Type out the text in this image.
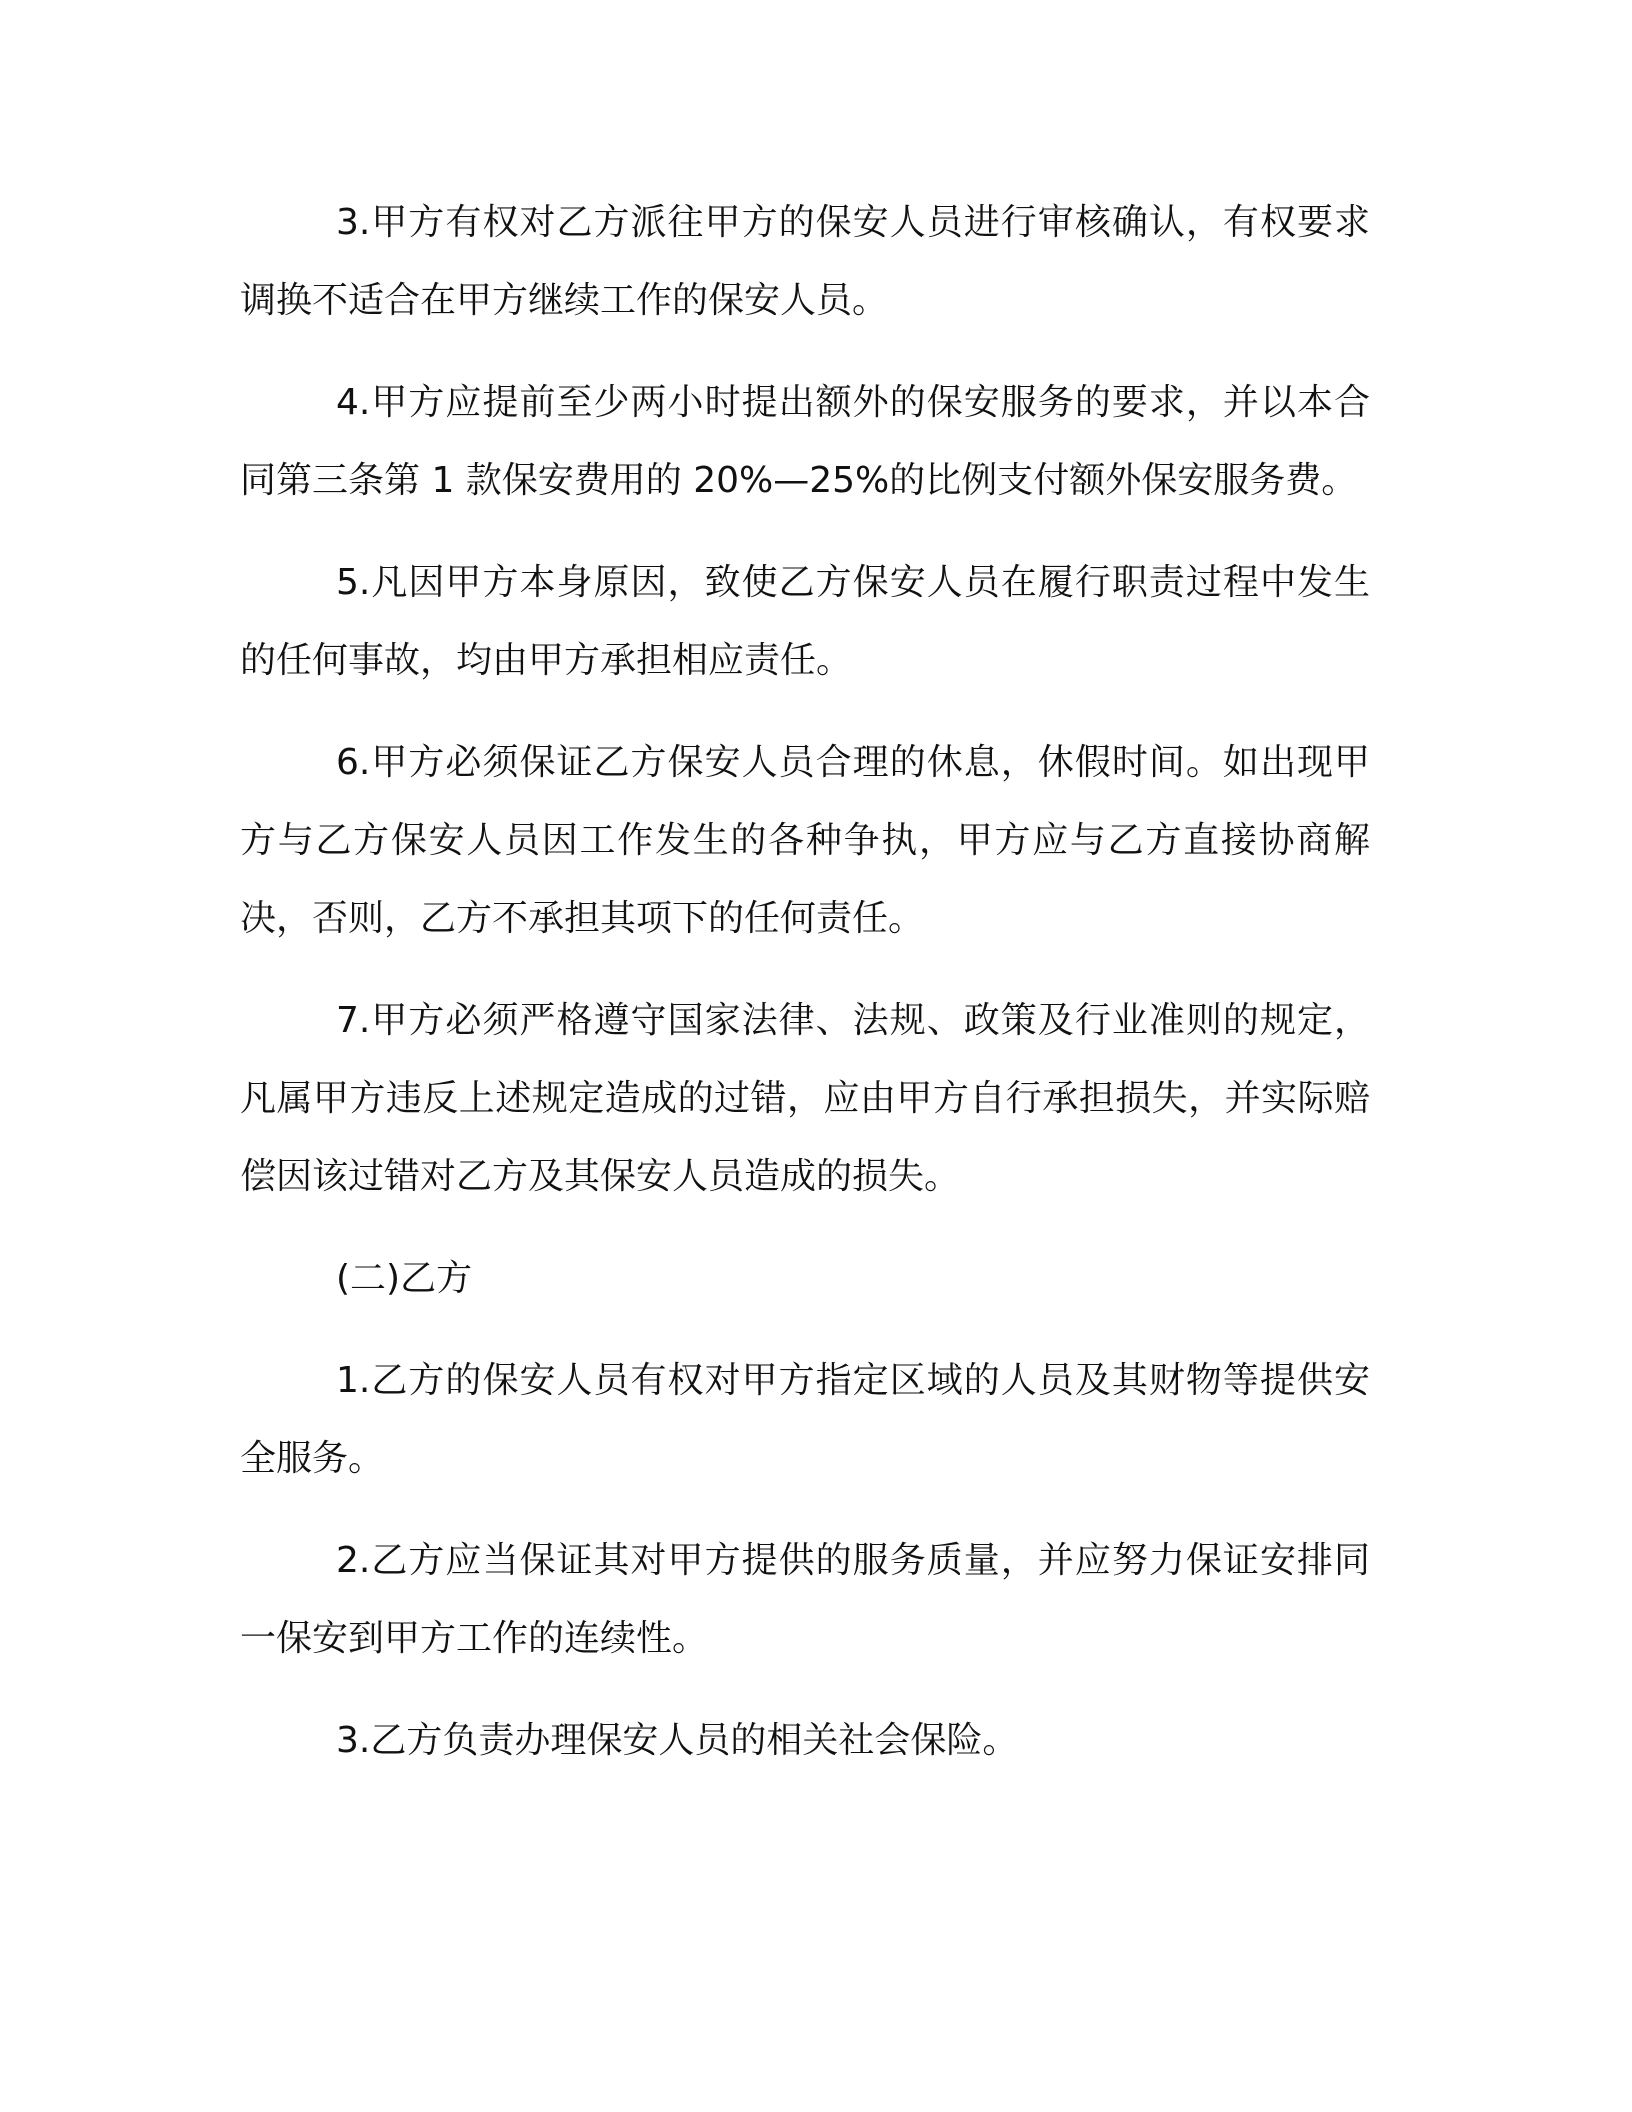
3.甲方有权对乙方派往甲方的保安人员进行审核确认，有权要求调换不适合在甲方继续工作的保安人员。

4.甲方应提前至少两小时提出额外的保安服务的要求，并以本合同第三条第 1 款保安费用的 20%—25%的比例支付额外保安服务费。

5.凡因甲方本身原因，致使乙方保安人员在履行职责过程中发生的任何事故，均由甲方承担相应责任。

6.甲方必须保证乙方保安人员合理的休息，休假时间。如出现甲方与乙方保安人员因工作发生的各种争执，甲方应与乙方直接协商解决，否则，乙方不承担其项下的任何责任。

7.甲方必须严格遵守国家法律、法规、政策及行业准则的规定，凡属甲方违反上述规定造成的过错，应由甲方自行承担损失，并实际赔偿因该过错对乙方及其保安人员造成的损失。

(二)乙方

1.乙方的保安人员有权对甲方指定区域的人员及其财物等提供安全服务。

2.乙方应当保证其对甲方提供的服务质量，并应努力保证安排同一保安到甲方工作的连续性。

3.乙方负责办理保安人员的相关社会保险。
